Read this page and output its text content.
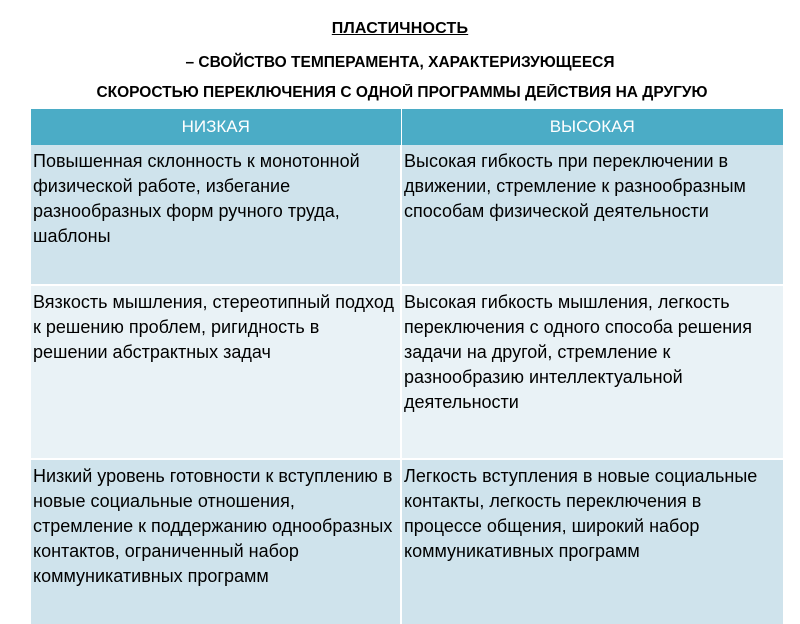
ПЛАСТИЧНОСТЬ
– СВОЙСТВО ТЕМПЕРАМЕНТА, ХАРАКТЕРИЗУЮЩЕЕСЯ
СКОРОСТЬЮ ПЕРЕКЛЮЧЕНИЯ С ОДНОЙ ПРОГРАММЫ ДЕЙСТВИЯ НА ДРУГУЮ
НИЗКАЯ	ВЫСОКАЯ
Повышенная склонность к монотонной физической работе, избегание разнообразных форм ручного труда, шаблоны	Высокая гибкость при переключении в движении, стремление к разнообразным способам физической деятельности
Вязкость мышления, стереотипный подход к решению проблем, ригидность в решении абстрактных задач	Высокая гибкость мышления, легкость переключения с одного способа решения задачи на другой, стремление к разнообразию интеллектуальной деятельности
Низкий уровень готовности к вступлению в новые социальные отношения, стремление к поддержанию однообразных контактов, ограниченный набор коммуникативных программ	Легкость вступления в новые социальные контакты, легкость переключения в процессе общения, широкий набор коммуникативных программ
